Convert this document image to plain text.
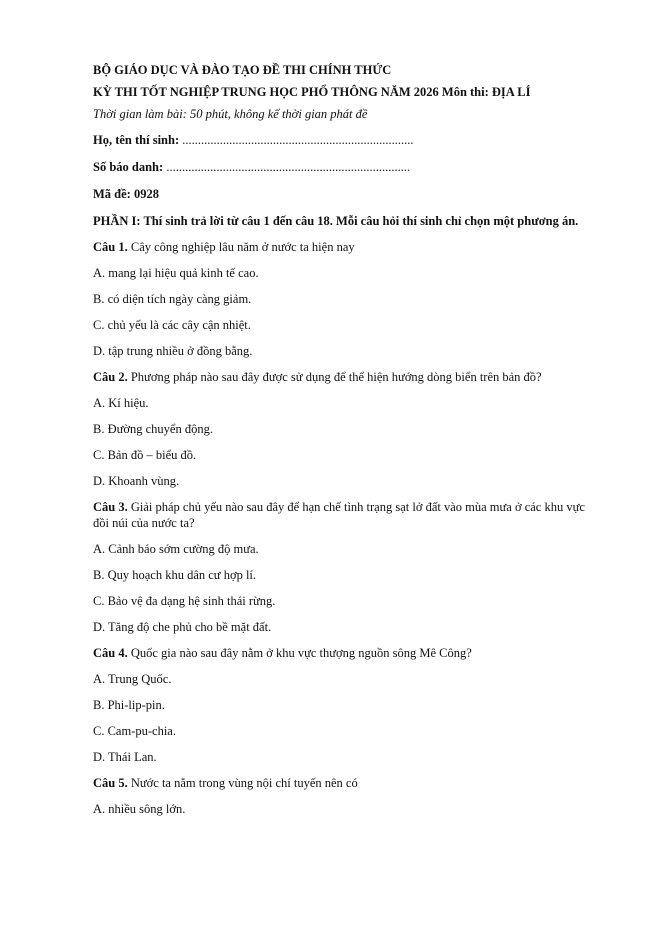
BỘ GIÁO DỤC VÀ ĐÀO TẠO ĐỀ THI CHÍNH THỨC
KỲ THI TỐT NGHIỆP TRUNG HỌC PHỔ THÔNG NĂM 2026 Môn thi: ĐỊA LÍ
Thời gian làm bài: 50 phút, không kể thời gian phát đề
Họ, tên thí sinh: ..........................................................................
Số báo danh: ..............................................................................
Mã đề: 0928
PHẦN I: Thí sinh trả lời từ câu 1 đến câu 18. Mỗi câu hỏi thí sinh chỉ chọn một phương án.
Câu 1. Cây công nghiệp lâu năm ở nước ta hiện nay
A. mang lại hiệu quả kinh tế cao.
B. có diện tích ngày càng giảm.
C. chủ yếu là các cây cận nhiệt.
D. tập trung nhiều ở đồng bằng.
Câu 2. Phương pháp nào sau đây được sử dụng để thể hiện hướng dòng biển trên bản đồ?
A. Kí hiệu.
B. Đường chuyển động.
C. Bản đồ – biểu đồ.
D. Khoanh vùng.
Câu 3. Giải pháp chủ yếu nào sau đây để hạn chế tình trạng sạt lở đất vào mùa mưa ở các khu vực đồi núi của nước ta?
A. Cảnh báo sớm cường độ mưa.
B. Quy hoạch khu dân cư hợp lí.
C. Bảo vệ đa dạng hệ sinh thái rừng.
D. Tăng độ che phủ cho bề mặt đất.
Câu 4. Quốc gia nào sau đây nằm ở khu vực thượng nguồn sông Mê Công?
A. Trung Quốc.
B. Phi-lip-pin.
C. Cam-pu-chia.
D. Thái Lan.
Câu 5. Nước ta nằm trong vùng nội chí tuyến nên có
A. nhiều sông lớn.
